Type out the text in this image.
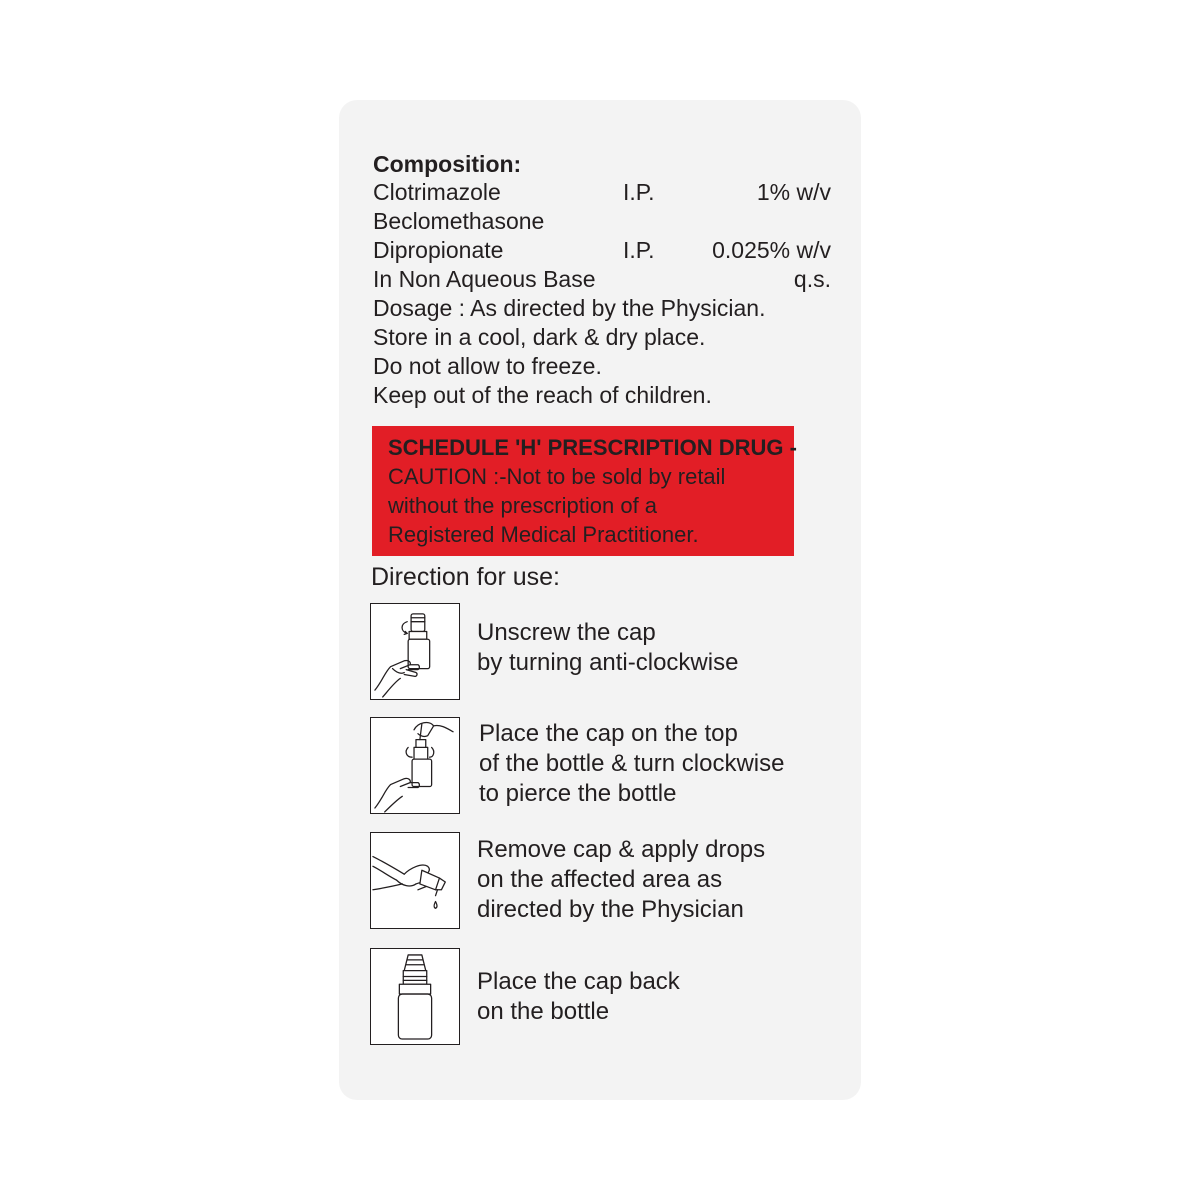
Composition:
Clotrimazole	I.P.	1% w/v
Beclomethasone
Dipropionate	I.P.	0.025% w/v
In Non Aqueous Base	q.s.
Dosage : As directed by the Physician.
Store in a cool, dark & dry place.
Do not allow to freeze.
Keep out of the reach of children.
SCHEDULE 'H' PRESCRIPTION DRUG -
CAUTION :-Not to be sold by retail
without the prescription of a
Registered Medical Practitioner.
Direction for use:
Unscrew the cap
by turning anti-clockwise
Place the cap on the top
of the bottle & turn clockwise
to pierce the bottle
Remove cap & apply drops
on the affected area as
directed by the Physician
Place the cap back
on the bottle
